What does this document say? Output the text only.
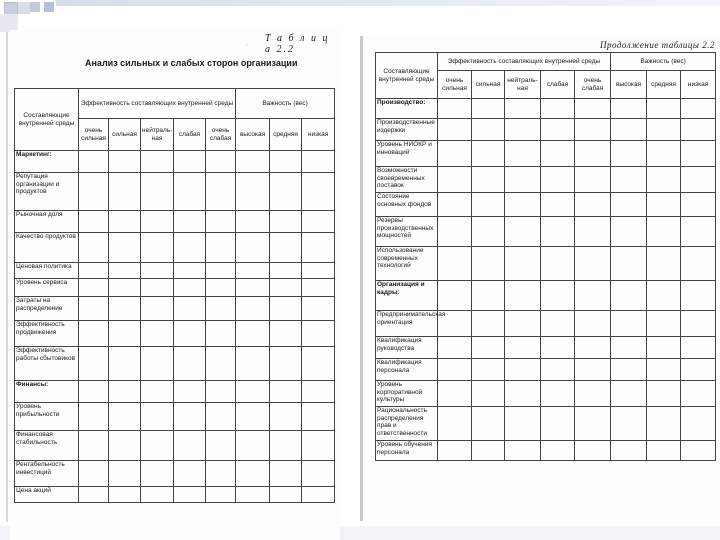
Т а б л и ц а 2.2
Анализ сильных и слабых сторон организации
Составляющие внутренней среды	Эффективность составляющих внутренней среды					Важность (вес)		
	очень сильная	сильная	нейтраль-ная	слабая	очень слабая	высокая	средняя	низкая
Маркетинг:								
Репутация организации и продуктов								
Рыночная доля								
Качество продуктов								
Ценовая политика								
Уровень сервиса								
Затраты на распределение								
Эффективность продвижения								
Эффективность работы сбытовиков								
Финансы:								
Уровень прибыльности								
Финансовая стабильность								
Рентабельность инвестиций								
Цена акций								
·	Продолжение таблицы 2.2
Составляющие внутренней среды	Эффективность составляющих внутренней среды					Важность (вес)		
	очень сильная	сильная	нейтраль-ная	слабая	очень слабая	высокая	средняя	низкая
Производство:								
Производственные издержки								
Уровень НИОКР и инноваций								
Возможности своевременных поставок								
Состояние основных фондов								
Резервы производственных мощностей								
Использование современных технологий								
Организация и кадры:								
Предпринимательская ориентация								
Квалификация руководства								
Квалификация персонала								
Уровень корпоративной культуры								
Рациональность распределения прав и ответственности								
Уровень обучения персонала								
